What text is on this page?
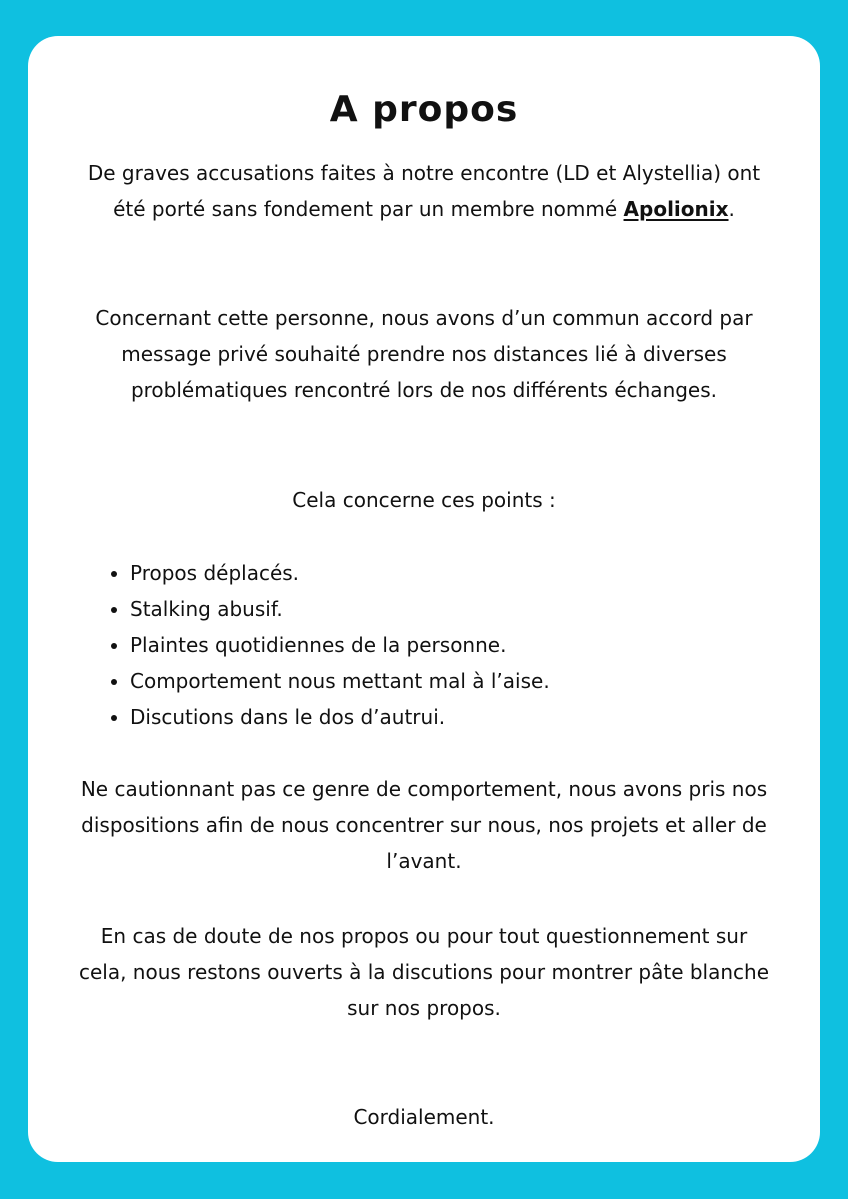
A propos

De graves accusations faites à notre encontre (LD et Alystellia) ont été porté sans fondement par un membre nommé Apolionix.

Concernant cette personne, nous avons d’un commun accord par message privé souhaité prendre nos distances lié à diverses problématiques rencontré lors de nos différents échanges.

Cela concerne ces points :

• Propos déplacés.
• Stalking abusif.
• Plaintes quotidiennes de la personne.
• Comportement nous mettant mal à l’aise.
• Discutions dans le dos d’autrui.

Ne cautionnant pas ce genre de comportement, nous avons pris nos dispositions afin de nous concentrer sur nous, nos projets et aller de l’avant.

En cas de doute de nos propos ou pour tout questionnement sur cela, nous restons ouverts à la discutions pour montrer pâte blanche sur nos propos.

Cordialement.
